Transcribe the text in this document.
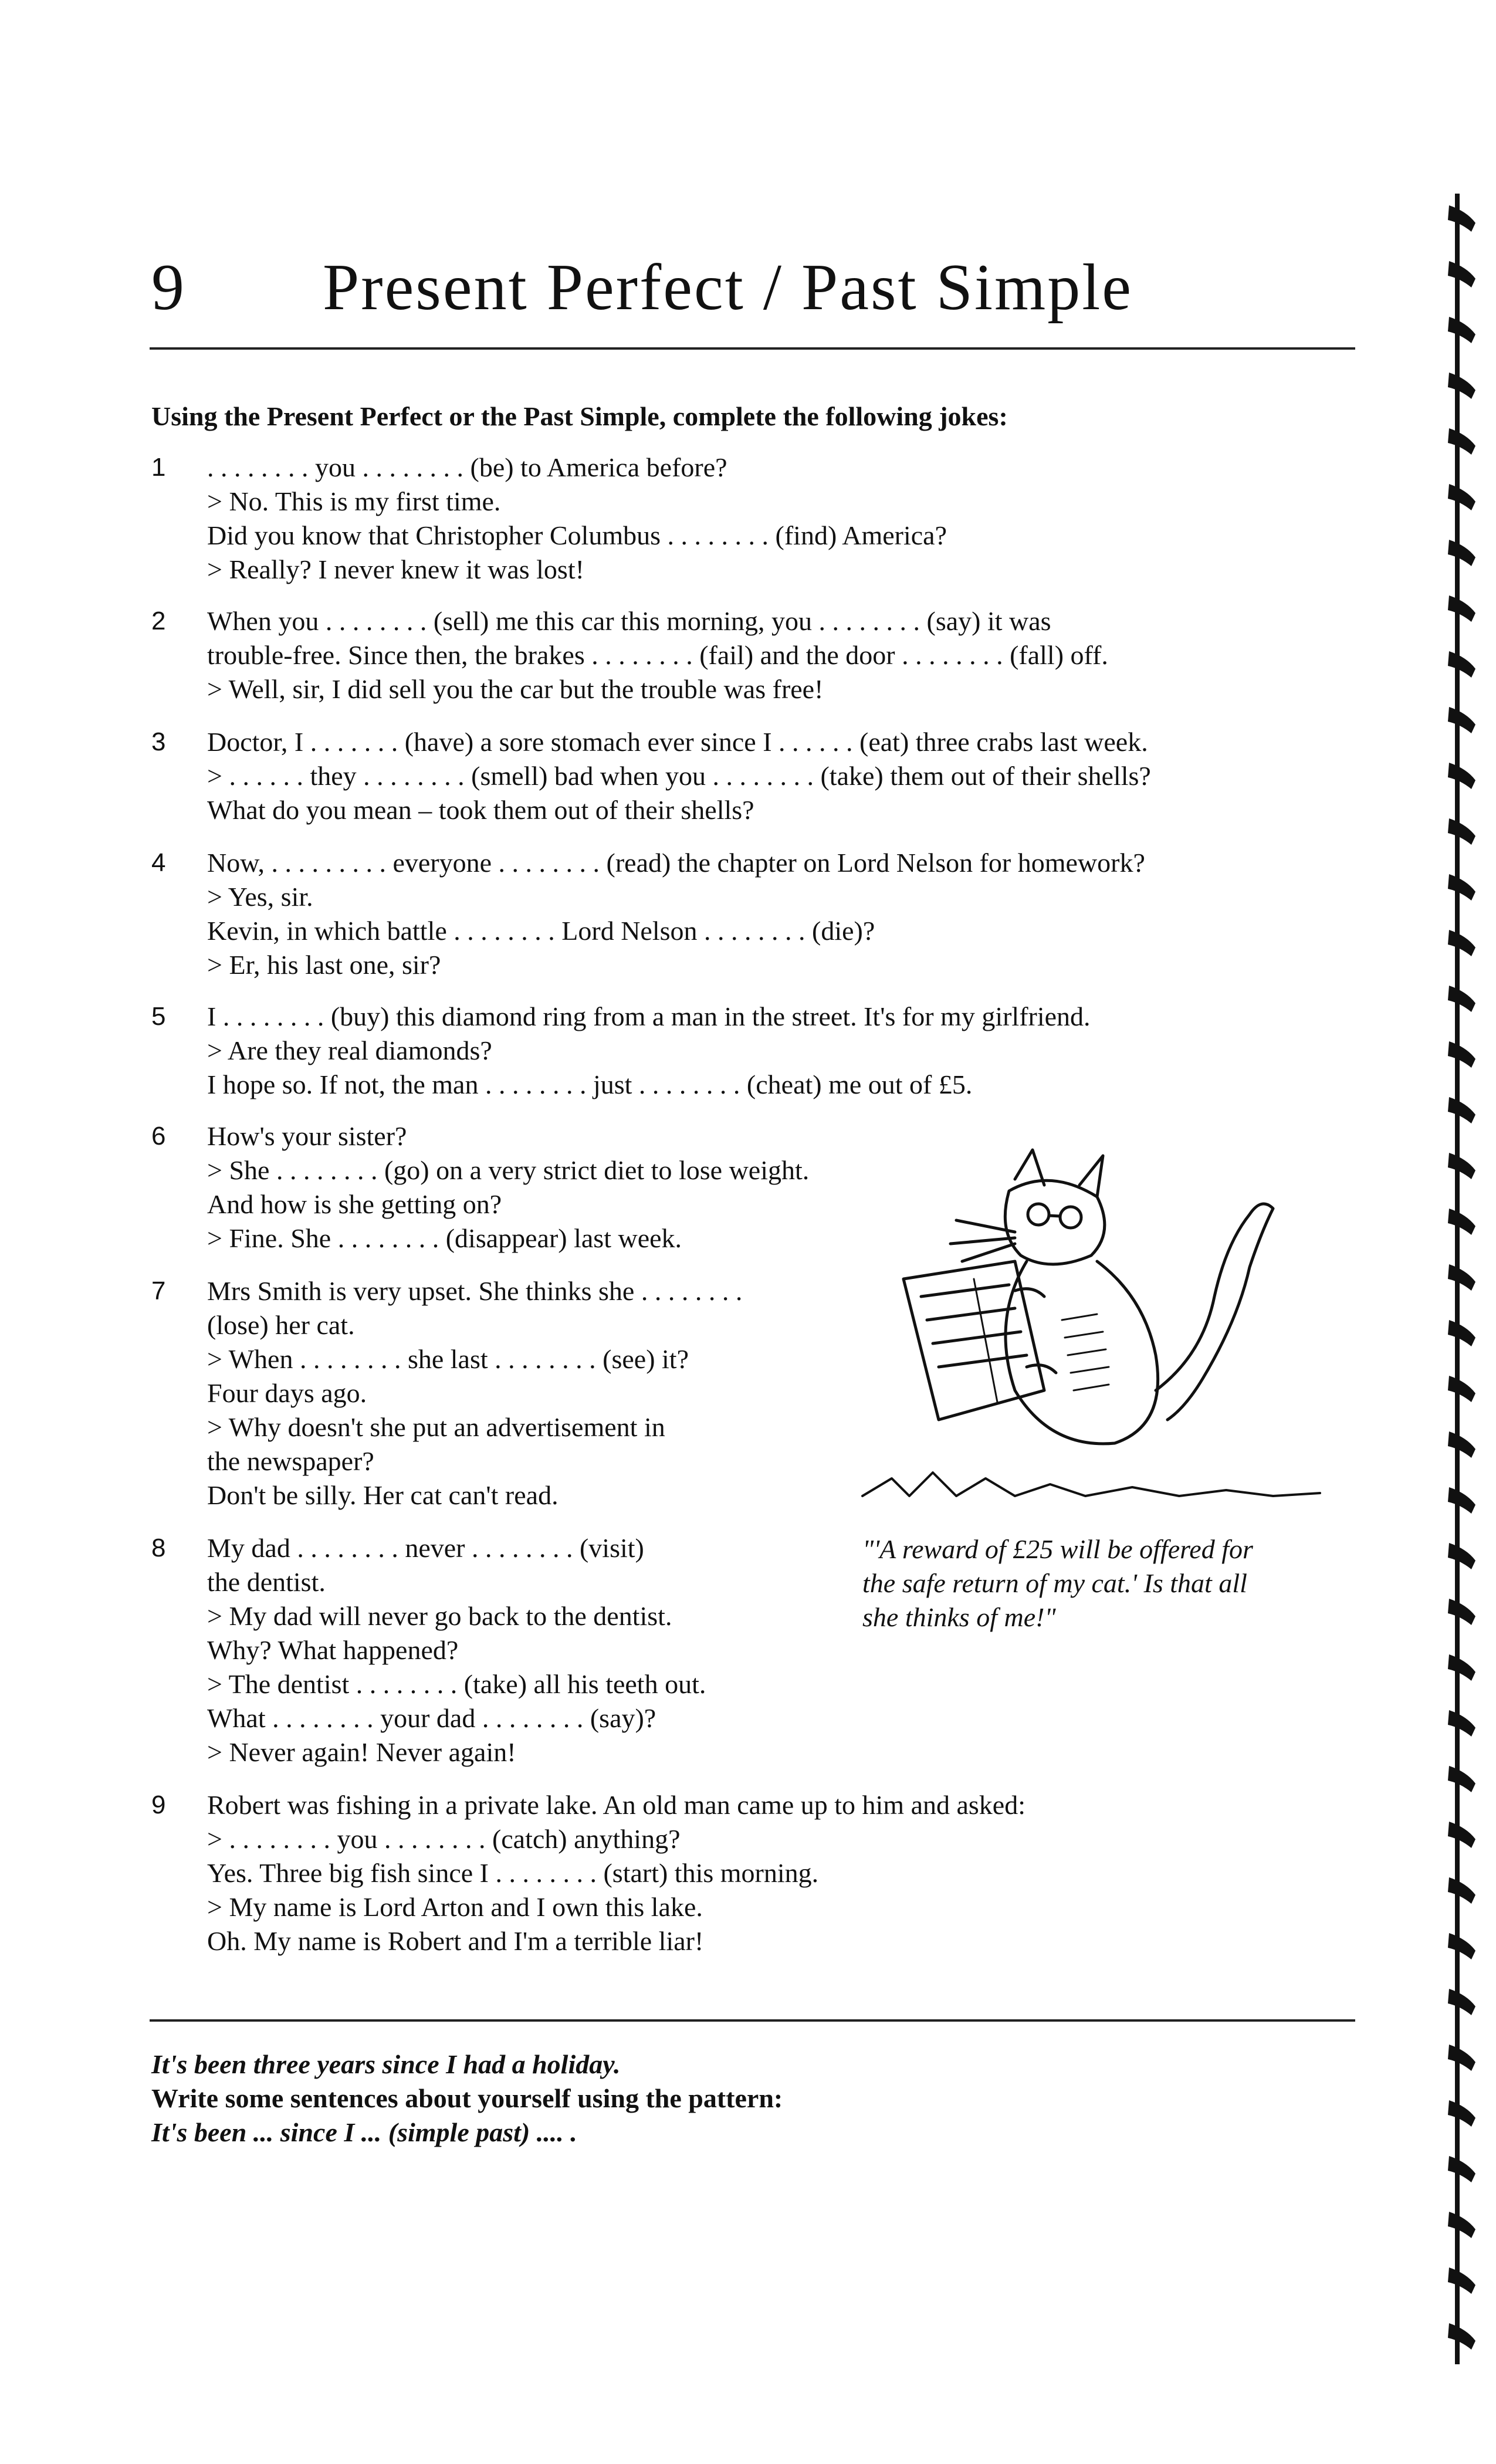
9 Present Perfect / Past Simple
Using the Present Perfect or the Past Simple, complete the following jokes:
1	. . . . . . . . you . . . . . . . . (be) to America before?
> No. This is my first time.
Did you know that Christopher Columbus . . . . . . . . (find) America?
> Really? I never knew it was lost!
2	When you . . . . . . . . (sell) me this car this morning, you . . . . . . . . (say) it was
trouble-free. Since then, the brakes . . . . . . . . (fail) and the door . . . . . . . . (fall) off.
> Well, sir, I did sell you the car but the trouble was free!
3	Doctor, I . . . . . . . (have) a sore stomach ever since I . . . . . . (eat) three crabs last week.
> . . . . . . they . . . . . . . . (smell) bad when you . . . . . . . . (take) them out of their shells?
What do you mean – took them out of their shells?
4	Now, . . . . . . . . . everyone . . . . . . . . (read) the chapter on Lord Nelson for homework?
> Yes, sir.
Kevin, in which battle . . . . . . . . Lord Nelson . . . . . . . . (die)?
> Er, his last one, sir?
5	I . . . . . . . . (buy) this diamond ring from a man in the street. It's for my girlfriend.
> Are they real diamonds?
I hope so. If not, the man . . . . . . . . just . . . . . . . . (cheat) me out of £5.
6	How's your sister?
> She . . . . . . . . (go) on a very strict diet to lose weight.
And how is she getting on?
> Fine. She . . . . . . . . (disappear) last week.
7	Mrs Smith is very upset. She thinks she . . . . . . . .
(lose) her cat.
> When . . . . . . . . she last . . . . . . . . (see) it?
Four days ago.
> Why doesn't she put an advertisement in
the newspaper?
Don't be silly. Her cat can't read.
8	My dad . . . . . . . . never . . . . . . . . (visit)
the dentist.
> My dad will never go back to the dentist.
Why? What happened?
> The dentist . . . . . . . . (take) all his teeth out.
What . . . . . . . . your dad . . . . . . . . (say)?
> Never again! Never again!
9	Robert was fishing in a private lake. An old man came up to him and asked:
> . . . . . . . . you . . . . . . . . (catch) anything?
Yes. Three big fish since I . . . . . . . . (start) this morning.
> My name is Lord Arton and I own this lake.
Oh. My name is Robert and I'm a terrible liar!
"'A reward of £25 will be offered for
the safe return of my cat.' Is that all
she thinks of me!"
It's been three years since I had a holiday.
Write some sentences about yourself using the pattern:
It's been ... since I ... (simple past) .... .
